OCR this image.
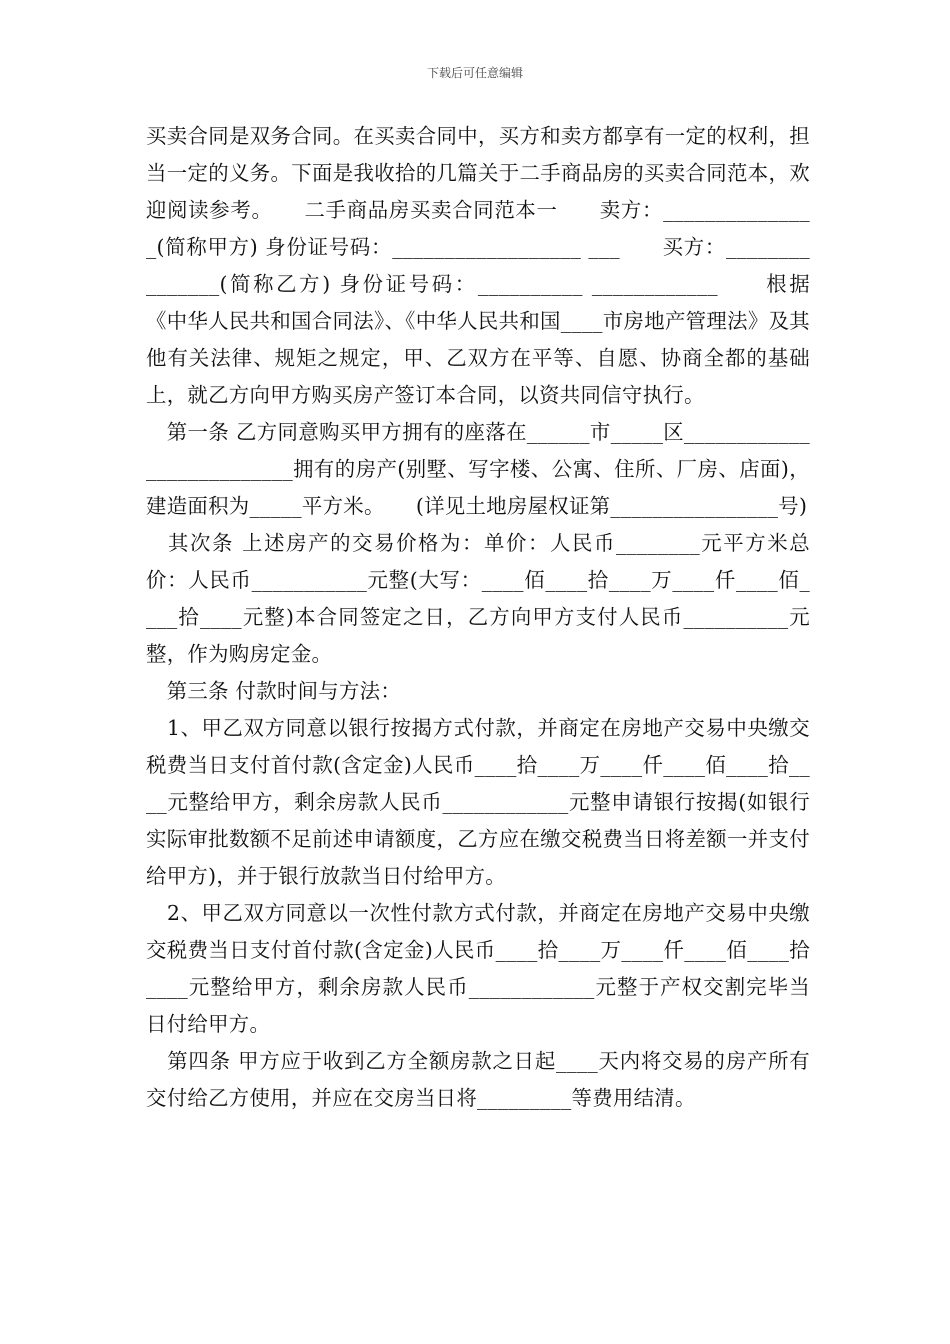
下载后可任意编辑

买卖合同是双务合同。在买卖合同中，买方和卖方都享有一定的权利，担当一定的义务。下面是我收拾的几篇关于二手商品房的买卖合同范本，欢迎阅读参考。　　二手商品房买卖合同范本一　　卖方：_______________(简称甲方) 身份证号码：__________________ ___　　买方：_______________(简称乙方) 身份证号码：__________ ____________　　根据《中华人民共和国合同法》、《中华人民共和国____市房地产管理法》及其他有关法律、规矩之规定，甲、乙双方在平等、自愿、协商全都的基础上，就乙方向甲方购买房产签订本合同，以资共同信守执行。

　第一条 乙方同意购买甲方拥有的座落在______市_____区__________________________拥有的房产(别墅、写字楼、公寓、住所、厂房、店面)，建造面积为_____平方米。　　(详见土地房屋权证第________________号)

　其次条 上述房产的交易价格为：单价：人民币________元平方米总价：人民币___________元整(大写：____佰____拾____万____仟____佰____拾____元整)本合同签定之日，乙方向甲方支付人民币__________元整，作为购房定金。

　第三条 付款时间与方法：

　1、甲乙双方同意以银行按揭方式付款，并商定在房地产交易中央缴交税费当日支付首付款(含定金)人民币____拾____万____仟____佰____拾____元整给甲方，剩余房款人民币____________元整申请银行按揭(如银行实际审批数额不足前述申请额度，乙方应在缴交税费当日将差额一并支付给甲方)，并于银行放款当日付给甲方。

　2、甲乙双方同意以一次性付款方式付款，并商定在房地产交易中央缴交税费当日支付首付款(含定金)人民币____拾____万____仟____佰____拾____元整给甲方，剩余房款人民币____________元整于产权交割完毕当日付给甲方。

　第四条 甲方应于收到乙方全额房款之日起____天内将交易的房产所有交付给乙方使用，并应在交房当日将_________等费用结清。
